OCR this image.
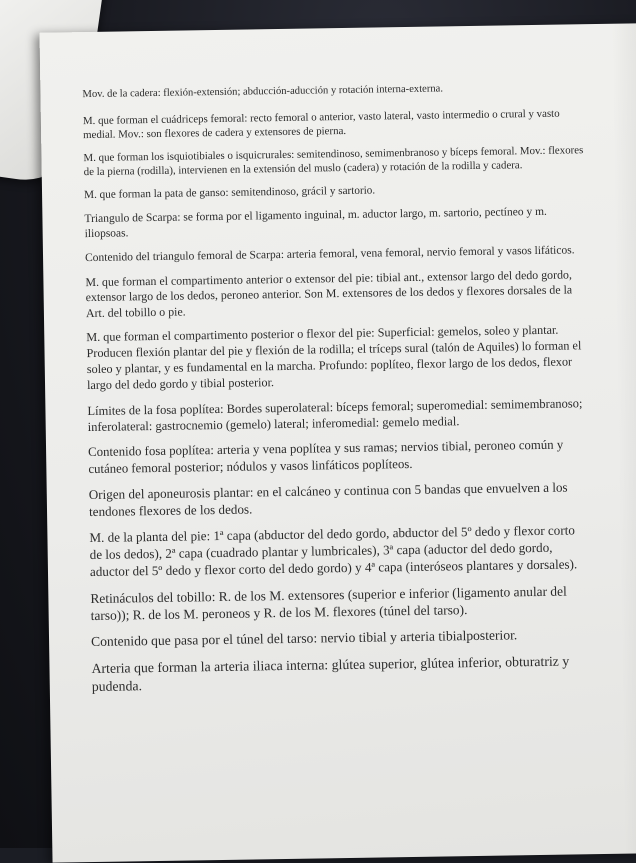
Mov. de la cadera: flexión-extensión; abducción-aducción y rotación interna-externa.

M. que forman el cuádriceps femoral: recto femoral o anterior, vasto lateral, vasto intermedio o crural y vasto medial. Mov.: son flexores de cadera y extensores de pierna.

M. que forman los isquiotibiales o isquicrurales: semitendinoso, semimenbranoso y bíceps femoral. Mov.: flexores de la pierna (rodilla), intervienen en la extensión del muslo (cadera) y rotación de la rodilla y cadera.

M. que forman la pata de ganso: semitendinoso, grácil y sartorio.

Triangulo de Scarpa: se forma por el ligamento inguinal, m. aductor largo, m. sartorio, pectíneo y m. iliopsoas.

Contenido del triangulo femoral de Scarpa: arteria femoral, vena femoral, nervio femoral y vasos lifáticos.

M. que forman el compartimento anterior o extensor del pie: tibial ant., extensor largo del dedo gordo, extensor largo de los dedos, peroneo anterior. Son M. extensores de los dedos y flexores dorsales de la Art. del tobillo o pie.

M. que forman el compartimento posterior o flexor del pie: Superficial: gemelos, soleo y plantar. Producen flexión plantar del pie y flexión de la rodilla; el tríceps sural (talón de Aquiles) lo forman el soleo y plantar, y es fundamental en la marcha. Profundo: poplíteo, flexor largo de los dedos, flexor largo del dedo gordo y tibial posterior.

Límites de la fosa poplítea: Bordes superolateral: bíceps femoral; superomedial: semimembranoso; inferolateral: gastrocnemio (gemelo) lateral; inferomedial: gemelo medial.

Contenido fosa poplítea: arteria y vena poplítea y sus ramas; nervios tibial, peroneo común y cutáneo femoral posterior; nódulos y vasos linfáticos poplíteos.

Origen del aponeurosis plantar: en el calcáneo y continua con 5 bandas que envuelven a los tendones flexores de los dedos.

M. de la planta del pie: 1ª capa (abductor del dedo gordo, abductor del 5º dedo y flexor corto de los dedos), 2ª capa (cuadrado plantar y lumbricales), 3ª capa (aductor del dedo gordo, aductor del 5º dedo y flexor corto del dedo gordo) y 4ª capa (interóseos plantares y dorsales).

Retináculos del tobillo: R. de los M. extensores (superior e inferior (ligamento anular del tarso)); R. de los M. peroneos y R. de los M. flexores (túnel del tarso).

Contenido que pasa por el túnel del tarso: nervio tibial y arteria tibialposterior.

Arteria que forman la arteria iliaca interna: glútea superior, glútea inferior, obturatriz y pudenda.
